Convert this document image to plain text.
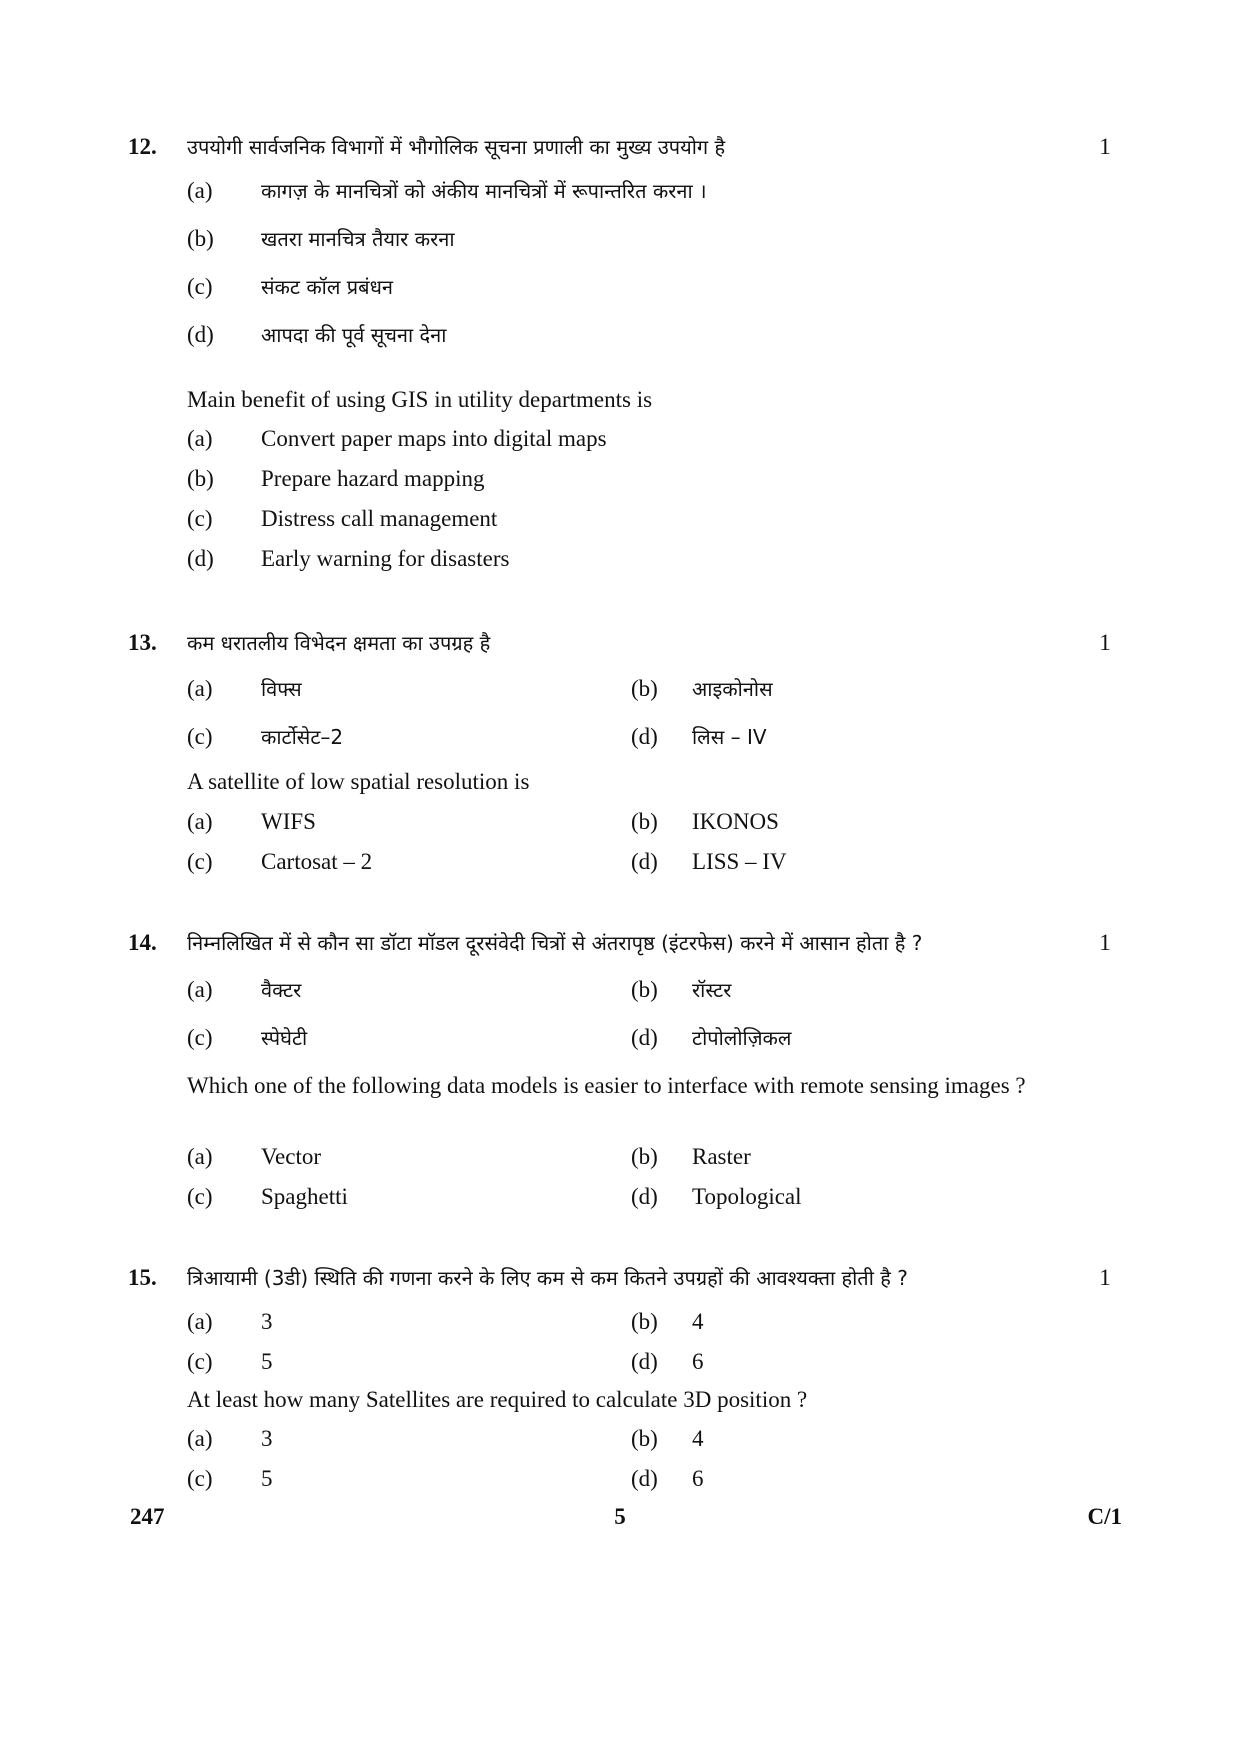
12.	उपयोगी सार्वजनिक विभागों में भौगोलिक सूचना प्रणाली का मुख्य उपयोग है	1
(a) कागज़ के मानचित्रों को अंकीय मानचित्रों में रूपान्तरित करना ।
(b) खतरा मानचित्र तैयार करना
(c) संकट कॉल प्रबंधन
(d) आपदा की पूर्व सूचना देना
Main benefit of using GIS in utility departments is
(a) Convert paper maps into digital maps
(b) Prepare hazard mapping
(c) Distress call management
(d) Early warning for disasters
13.	कम धरातलीय विभेदन क्षमता का उपग्रह है	1
(a) विफ्स	(b) आइकोनोस
(c) कार्टोसेट–2	(d) लिस – IV
A satellite of low spatial resolution is
(a) WIFS	(b) IKONOS
(c) Cartosat – 2	(d) LISS – IV
14.	निम्नलिखित में से कौन सा डॉटा मॉडल दूरसंवेदी चित्रों से अंतरापृष्ठ (इंटरफेस) करने में आसान होता है ?	1
(a) वैक्टर	(b) रॉस्टर
(c) स्पेघेटी	(d) टोपोलोज़िकल
Which one of the following data models is easier to interface with remote sensing images ?
(a) Vector	(b) Raster
(c) Spaghetti	(d) Topological
15.	त्रिआयामी (3डी) स्थिति की गणना करने के लिए कम से कम कितने उपग्रहों की आवश्यक्ता होती है ?	1
(a) 3	(b) 4
(c) 5	(d) 6
At least how many Satellites are required to calculate 3D position ?
(a) 3	(b) 4
(c) 5	(d) 6
247	5	C/1
